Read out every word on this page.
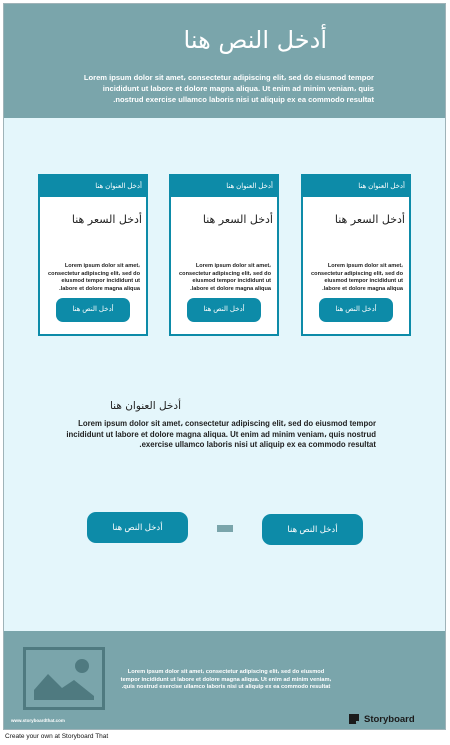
أدخل النص هنا
Lorem ipsum dolor sit amet، consectetur adipiscing elit، sed do eiusmod tempor incididunt ut labore et dolore magna aliqua. Ut enim ad minim veniam، quis nostrud exercise ullamco laboris nisi ut aliquip ex ea commodo resultat.
أدخل العنوان هنا
أدخل السعر هنا
Lorem ipsum dolor sit amet، consectetur adipiscing elit، sed do eiusmod tempor incididunt ut labore et dolore magna aliqua.
أدخل النص هنا
أدخل العنوان هنا
أدخل السعر هنا
Lorem ipsum dolor sit amet، consectetur adipiscing elit، sed do eiusmod tempor incididunt ut labore et dolore magna aliqua.
أدخل النص هنا
أدخل العنوان هنا
أدخل السعر هنا
Lorem ipsum dolor sit amet، consectetur adipiscing elit، sed do eiusmod tempor incididunt ut labore et dolore magna aliqua.
أدخل النص هنا
أدخل العنوان هنا
Lorem ipsum dolor sit amet، consectetur adipiscing elit، sed do eiusmod tempor incididunt ut labore et dolore magna aliqua. Ut enim ad minim veniam، quis nostrud exercise ullamco laboris nisi ut aliquip ex ea commodo resultat.
أدخل النص هنا	أدخل النص هنا
Lorem ipsum dolor sit amet، consectetur adipiscing elit، sed do eiusmod tempor incididunt ut labore et dolore magna aliqua. Ut enim ad minim veniam، quis nostrud exercise ullamco laboris nisi ut aliquip ex ea commodo resultat.
www.storyboardthat.com	Storyboard
Create your own at Storyboard That
